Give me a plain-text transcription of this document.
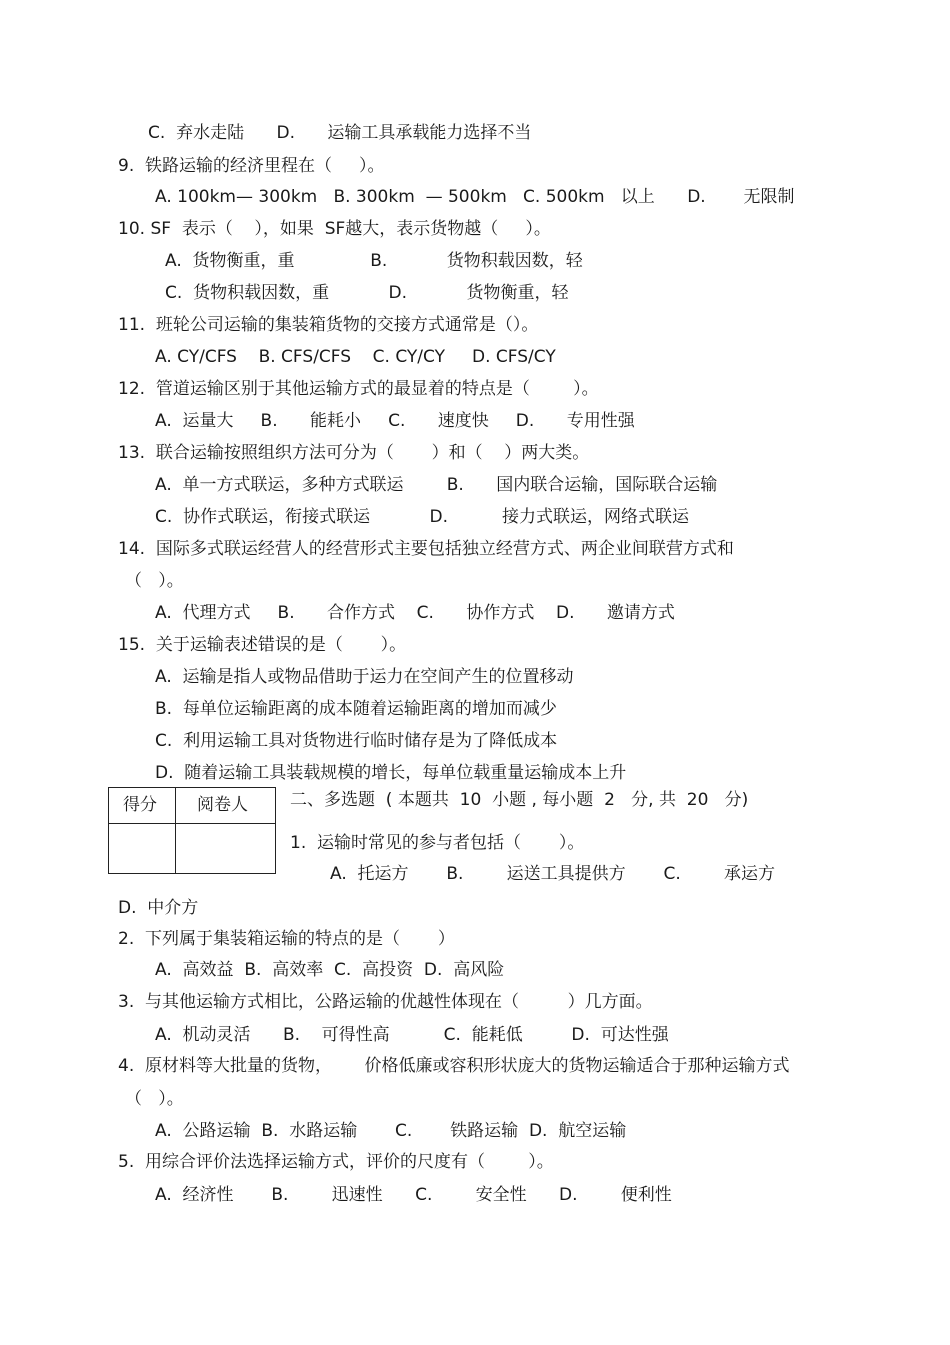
C.  弃水走陆      D.      运输工具承载能力选择不当
9.  铁路运输的经济里程在（     ）。
A. 100km— 300km   B. 300km  — 500km   C. 500km   以上      D.       无限制
10. SF  表示（    ），如果  SF越大，表示货物越（     ）。
A.  货物衡重，重              B.           货物积载因数，轻
C.  货物积载因数，重           D.           货物衡重，轻
11.  班轮公司运输的集装箱货物的交接方式通常是（）。
A. CY/CFS    B. CFS/CFS    C. CY/CY     D. CFS/CY
12.  管道运输区别于其他运输方式的最显着的特点是（        ）。
A.  运量大     B.      能耗小     C.      速度快     D.      专用性强
13.  联合运输按照组织方法可分为（       ）和（    ）两大类。
A.  单一方式联运，多种方式联运        B.      国内联合运输，国际联合运输
C.  协作式联运，衔接式联运           D.          接力式联运，网络式联运
14.  国际多式联运经营人的经营形式主要包括独立经营方式、两企业间联营方式和
（   ）。
A.  代理方式     B.      合作方式    C.      协作方式    D.      邀请方式
15.  关于运输表述错误的是（       ）。
A.  运输是指人或物品借助于运力在空间产生的位置移动
B.  每单位运输距离的成本随着运输距离的增加而减少
C.  利用运输工具对货物进行临时储存是为了降低成本
D.  随着运输工具装载规模的增长，每单位载重量运输成本上升
二、多选题  ( 本题共  10  小题 , 每小题  2   分, 共  20   分)
1.  运输时常见的参与者包括（       ）。
A.  托运方       B.        运送工具提供方       C.        承运方
D.  中介方
2.  下列属于集装箱运输的特点的是（       ）
A.  高效益  B.  高效率  C.  高投资  D.  高风险
3.  与其他运输方式相比，公路运输的优越性体现在（         ）几方面。
A.  机动灵活      B.    可得性高          C.  能耗低         D.  可达性强
4.  原材料等大批量的货物，      价格低廉或容积形状庞大的货物运输适合于那种运输方式
（   ）。
A.  公路运输  B.  水路运输       C.       铁路运输  D.  航空运输
5.  用综合评价法选择运输方式，评价的尺度有（        ）。
A.  经济性       B.        迅速性      C.        安全性      D.        便利性
得分 阅卷人
